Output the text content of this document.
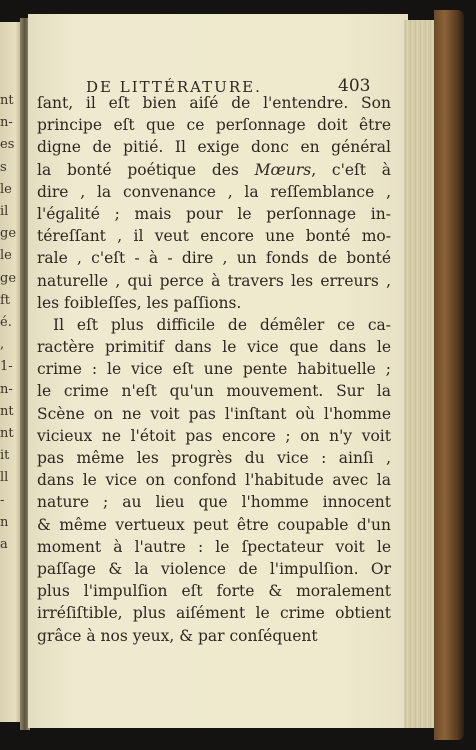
nt
n-
es
s
le
il
ge
le
ge
ft
é.
,
1-
n-
nt
nt
it
ll
-
n
a
DE LITTÉRATURE.	403
ſant, il eſt bien aiſé de l'entendre. Son
principe eſt que ce perſonnage doit être
digne de pitié. Il exige donc en général
la bonté poétique des Mœurs, c'eſt à
dire , la convenance , la reſſemblance ,
l'égalité ; mais pour le perſonnage in-
téreſſant , il veut encore une bonté mo-
rale , c'eſt - à - dire , un fonds de bonté
naturelle , qui perce à travers les erreurs ,
les foibleſſes, les paſſions.
Il eſt plus difficile de démêler ce ca-
ractère primitif dans le vice que dans le
crime : le vice eſt une pente habituelle ;
le crime n'eſt qu'un mouvement. Sur la
Scène on ne voit pas l'inſtant où l'homme
vicieux ne l'étoit pas encore ; on n'y voit
pas même les progrès du vice : ainſi ,
dans le vice on confond l'habitude avec la
nature ; au lieu que l'homme innocent
& même vertueux peut être coupable d'un
moment à l'autre : le ſpectateur voit le
paſſage & la violence de l'impulſion. Or
plus l'impulſion eſt forte & moralement
irréſiſtible, plus aiſément le crime obtient
grâce à nos yeux, & par conſéquent
